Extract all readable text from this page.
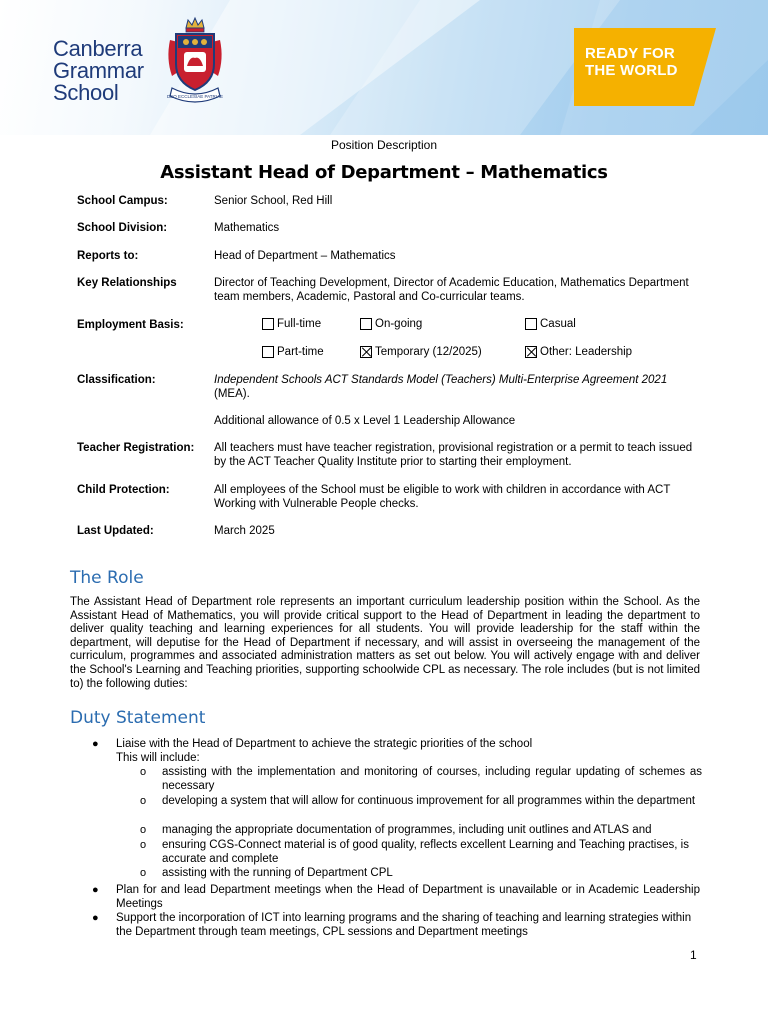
Canberra
Grammar
School	DEO ECCLESIAE PATRIAE
READY FOR
THE WORLD
Position Description
Assistant Head of Department – Mathematics
School Campus:	Senior School, Red Hill
School Division:	Mathematics
Reports to:	Head of Department – Mathematics
Key Relationships	Director of Teaching Development, Director of Academic Education, Mathematics Department team members, Academic, Pastoral and Co-curricular teams.
Employment Basis:	Full-time	On-going	Casual
Part-time	Temporary (12/2025)	Other: Leadership
Classification:	Independent Schools ACT Standards Model (Teachers) Multi-Enterprise Agreement 2021 (MEA).
Additional allowance of 0.5 x Level 1 Leadership Allowance
Teacher Registration:	All teachers must have teacher registration, provisional registration or a permit to teach issued by the ACT Teacher Quality Institute prior to starting their employment.
Child Protection:	All employees of the School must be eligible to work with children in accordance with ACT Working with Vulnerable People checks.
Last Updated:	March 2025
The Role
The Assistant Head of Department role represents an important curriculum leadership position within the School. As the Assistant Head of Mathematics, you will provide critical support to the Head of Department in leading the department to deliver quality teaching and learning experiences for all students. You will provide leadership for the staff within the department, will deputise for the Head of Department if necessary, and will assist in overseeing the management of the curriculum, programmes and associated administration matters as set out below. You will actively engage with and deliver the School's Learning and Teaching priorities, supporting schoolwide CPL as necessary. The role includes (but is not limited to) the following duties:
Duty Statement
● Liaise with the Head of Department to achieve the strategic priorities of the school
This will include:
o assisting with the implementation and monitoring of courses, including regular updating of schemes as necessary
o developing a system that will allow for continuous improvement for all programmes within the department
o managing the appropriate documentation of programmes, including unit outlines and ATLAS and
o ensuring CGS-Connect material is of good quality, reflects excellent Learning and Teaching practises, is accurate and complete
o assisting with the running of Department CPL
● Plan for and lead Department meetings when the Head of Department is unavailable or in Academic Leadership Meetings
● Support the incorporation of ICT into learning programs and the sharing of teaching and learning strategies within the Department through team meetings, CPL sessions and Department meetings
1
